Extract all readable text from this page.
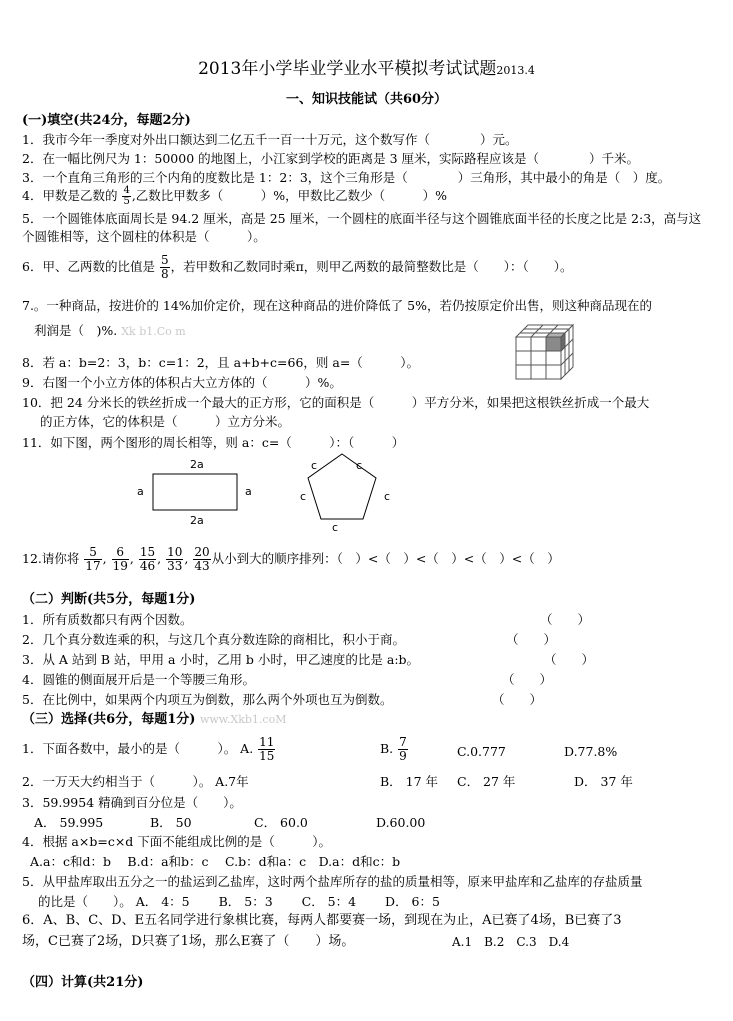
2013年小学毕业学业水平模拟考试试题2013.4
一、知识技能试（共60分）
(一)填空(共24分，每题2分)
1．我市今年一季度对外出口额达到二亿五千一百一十万元，这个数写作（　　　　）元。
2．在一幅比例尺为 1：50000 的地图上，小江家到学校的距离是 3 厘米，实际路程应该是（　　　　）千米。
3．一个直角三角形的三个内角的度数比是 1：2：3，这个三角形是（　　　　）三角形，其中最小的角是（　）度。
4．甲数是乙数的 $\frac{4}{5}$ ,乙数比甲数多（　　　）%，甲数比乙数少（　　　）%
5．一个圆锥体底面周长是 94.2 厘米，高是 25 厘米，一个圆柱的底面半径与这个圆锥底面半径的长度之比是 2:3，高与这个圆锥相等，这个圆柱的体积是（　　　）。
6．甲、乙两数的比值是 $\frac{5}{8}$ ，若甲数和乙数同时乘π，则甲乙两数的最简整数比是（　　）：（　　）。
7.。一种商品，按进价的 14%加价定价，现在这种商品的进价降低了 5%，若仍按原定价出售，则这种商品现在的
利润是（　)%. Xk b1.Co m
8．若 a：b=2：3，b：c=1：2，且 a+b+c=66，则 a=（　　　）。
9．右图一个小立方体的体积占大立方体的（　　　）%。
10．把 24 分米长的铁丝折成一个最大的正方形，它的面积是（　　　）平方分米，如果把这根铁丝折成一个最大
的正方体，它的体积是（　　　）立方分米。
11．如下图，两个图形的周长相等，则 a：c=（　　　）：（　　　）
2a
2a
a	a
c	c
c	c
c
12.请你将 $\frac{5}{17}$ , $\frac{6}{19}$ , $\frac{15}{46}$ , $\frac{10}{33}$ , $\frac{20}{43}$ 从小到大的顺序排列：（　）<（　）<（　）<（　）<（　）
（二）判断(共5分，每题1分)
1．所有质数都只有两个因数。	（　　）
2．几个真分数连乘的积，与这几个真分数连除的商相比，积小于商。	（　　）
3．从 A 站到 B 站，甲用 a 小时，乙用 b 小时，甲乙速度的比是 a:b。	（　　）
4．圆锥的侧面展开后是一个等腰三角形。	（　　）
5．在比例中，如果两个内项互为倒数，那么两个外项也互为倒数。	（　　）
（三）选择(共6分，每题1分) www.Xkb1.coM
1．下面各数中，最小的是（　　　）。 A. $\frac{11}{15}$	B. $\frac{7}{9}$	C.0.777	D.77.8%
2．一万天大约相当于（　　　）。 A.7年	B． 17 年 C． 27 年	D． 37 年
3．59.9954 精确到百分位是（　　）。
A． 59.995	B． 50	C． 60.0	D.60.00
4．根据 a×b=c×d 下面不能组成比例的是（　　　）。
A.a：c和d：b　 B.d：a和b：c　 C.b：d和a：c　D.a：d和c：b
5．从甲盐库取出五分之一的盐运到乙盐库，这时两个盐库所存的盐的质量相等，原来甲盐库和乙盐库的存盐质量
的比是（　　）。 A． 4：5　　 B． 5：3　　 C． 5：4　　 D． 6：5
6．A、B、C、D、E五名同学进行象棋比赛，每两人都要赛一场，到现在为止，A已赛了4场，B已赛了3
场，C已赛了2场，D只赛了1场，那么E赛了（　　）场。	A.1　B.2　C.3　D.4
（四）计算(共21分)
